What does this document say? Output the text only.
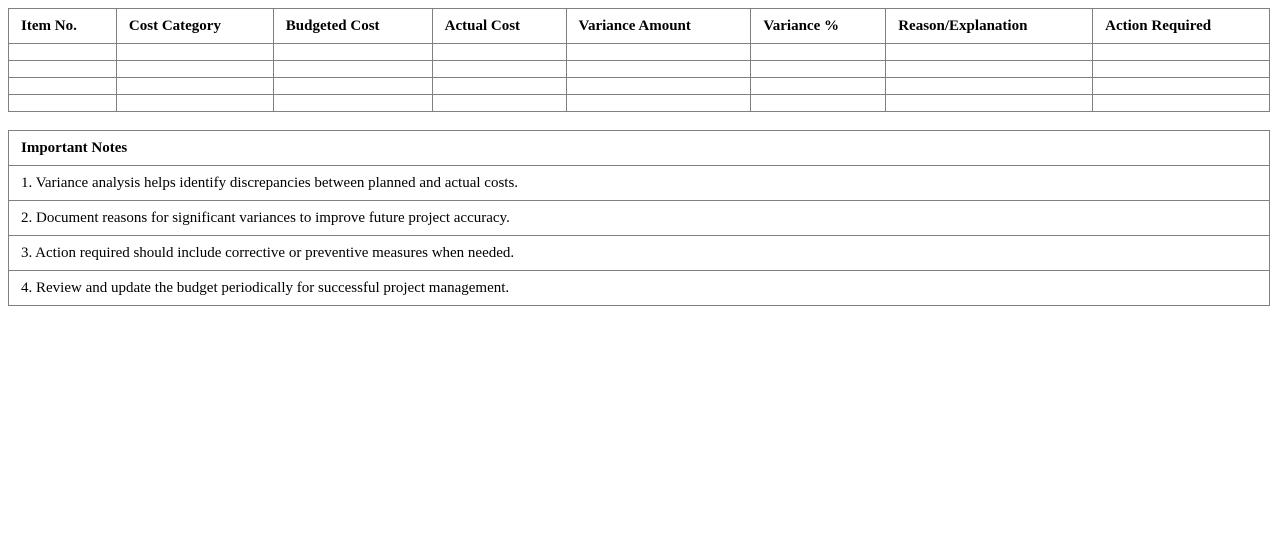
Item No.	Cost Category	Budgeted Cost	Actual Cost	Variance Amount	Variance %	Reason/Explanation	Action Required

Important Notes
1. Variance analysis helps identify discrepancies between planned and actual costs.
2. Document reasons for significant variances to improve future project accuracy.
3. Action required should include corrective or preventive measures when needed.
4. Review and update the budget periodically for successful project management.
